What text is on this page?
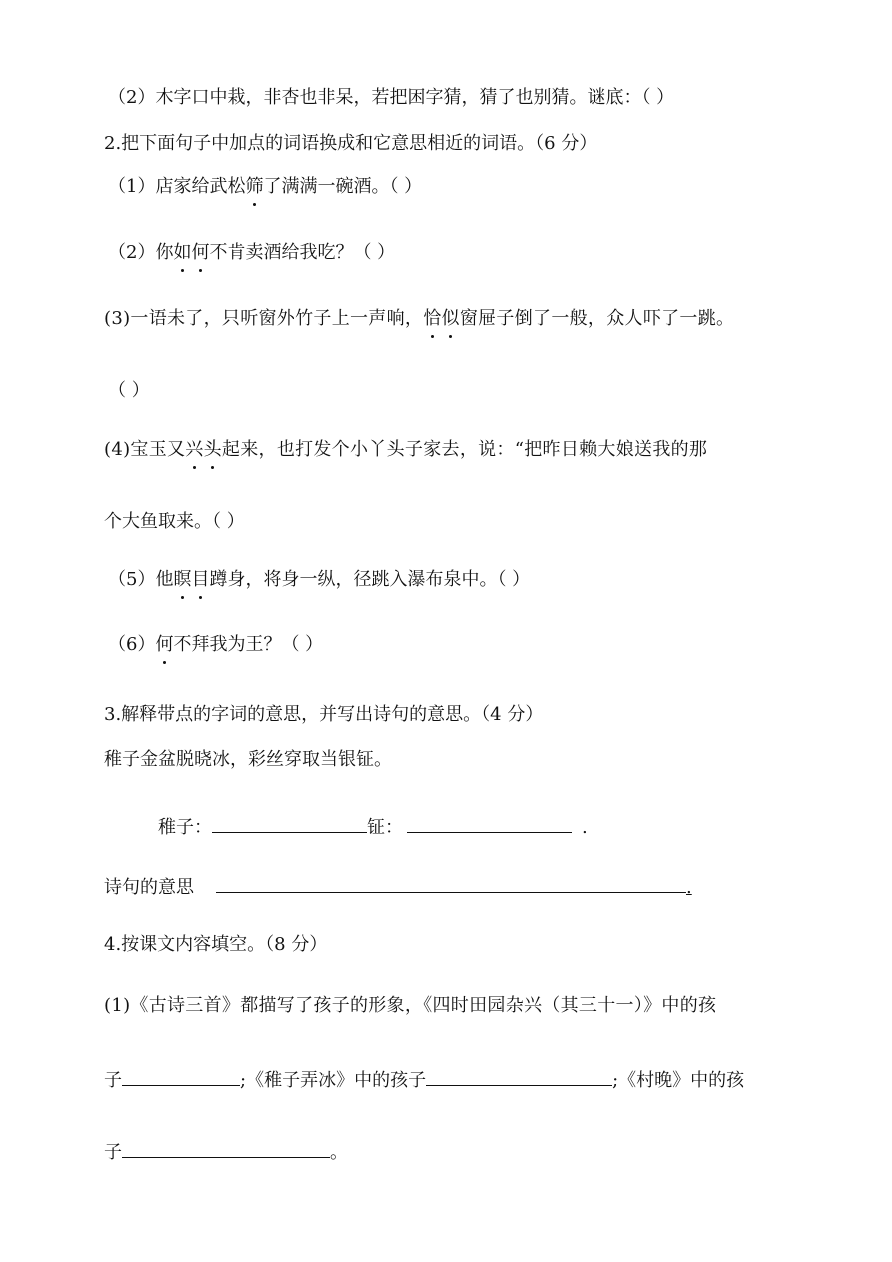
（2）木字口中栽，非杏也非呆，若把困字猜，猜了也别猜。谜底：（ ）
2.把下面句子中加点的词语换成和它意思相近的词语。（6 分）
（1）店家给武松筛了满满一碗酒。（ ）
（2）你如何不肯卖酒给我吃？（ ）
(3)一语未了，只听窗外竹子上一声响，恰似窗屉子倒了一般，众人吓了一跳。
（ ）
(4)宝玉又兴头起来，也打发个小丫头子家去，说：“把昨日赖大娘送我的那
个大鱼取来。（ ）
（5）他瞑目蹲身，将身一纵，径跳入瀑布泉中。（ ）
（6）何不拜我为王？（ ）
3.解释带点的字词的意思，并写出诗句的意思。（4 分）
稚子金盆脱晓冰，彩丝穿取当银钲。
稚子：	钲：	.
诗句的意思	.
4.按课文内容填空。（8 分）
(1)《古诗三首》都描写了孩子的形象，《四时田园杂兴（其三十一）》中的孩
子	;《稚子弄冰》中的孩子	;《村晚》中的孩
子	。
